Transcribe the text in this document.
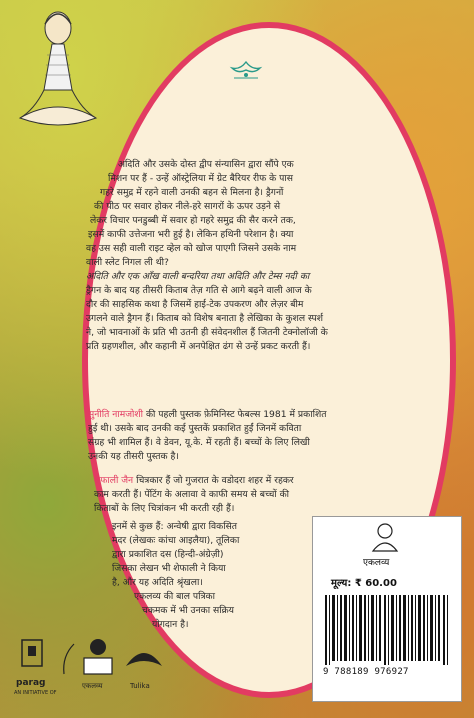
अदिति और उसके दोस्त द्वीप संन्यासिन द्वारा सौंपे एक
मिशन पर हैं - उन्हें ऑस्ट्रेलिया में ग्रेट बैरियर रीफ के पास
गहरे समुद्र में रहने वाली उनकी बहन से मिलना है। ड्रैगनों
की पीठ पर सवार होकर नीले-हरे सागरों के ऊपर उड़ने से
लेकर विचार पनडुब्बी में सवार हो गहरे समुद्र की सैर करने तक,
इसमें काफी उत्तेजना भरी हुई है। लेकिन हथिनी परेशान है। क्या
वह उस सही वाली राइट व्हेल को खोज पाएगी जिसने उसके नाम
वाली स्लेट निगल ली थी?
अदिति और एक आँख वाली बन्दरिया तथा अदिति और टेम्स नदी का
ड्रैगन के बाद यह तीसरी किताब तेज़ गति से आगे बढ़ने वाली आज के
दौर की साहसिक कथा है जिसमें हाई-टेक उपकरण और लेज़र बीम
उगलने वाले ड्रैगन हैं। किताब को विशेष बनाता है लेखिका के कुशल स्पर्श
ने, जो भावनाओं के प्रति भी उतनी ही संवेदनशील हैं जितनी टेक्नोलॉजी के
प्रति ग्रहणशील, और कहानी में अनपेक्षित ढंग से उन्हें प्रकट करती हैं।
सुनीति नामजोशी की पहली पुस्तक फ़ेमिनिस्ट फेबल्स 1981 में प्रकाशित
हुई थी। उसके बाद उनकी कई पुस्तकें प्रकाशित हुईं जिनमें कविता
संग्रह भी शामिल हैं। वे डेवन, यू.के. में रहती हैं। बच्चों के लिए लिखी
उनकी यह तीसरी पुस्तक है।
शेफाली जैन चित्रकार हैं जो गुजरात के वडोदरा शहर में रहकर
काम करती हैं। पेंटिंग के अलावा वे काफी समय से बच्चों की
किताबों के लिए चित्रांकन भी करती रही हैं।
इनमें से कुछ हैं: अन्वेषी द्वारा विकसित
मदर (लेखकः कांचा आइलैया), तूलिका
द्वारा प्रकाशित दस (हिन्दी-अंग्रेज़ी)
जिसका लेखन भी शेफाली ने किया
है, और यह अदिति श्रृंखला।
एकलव्य की बाल पत्रिका
चकमक में भी उनका सक्रिय
योगदान है।
एकलव्य
मूल्य: ₹ 60.00
9 788189 976927
parag
AN INITIATIVE OF
एकलव्य	Tulika
